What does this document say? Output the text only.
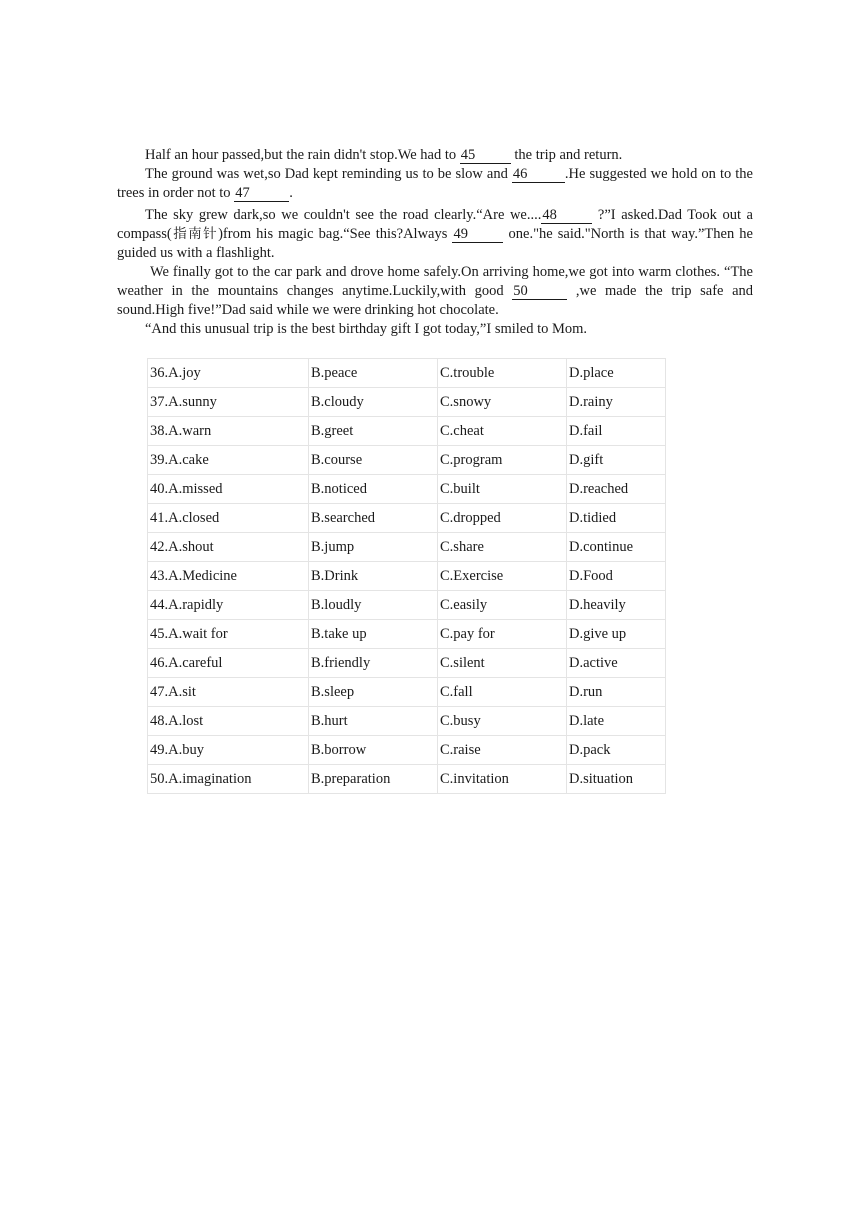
Half an hour passed,but the rain didn't stop.We had to 45 the trip and return.

The ground was wet,so Dad kept reminding us to be slow and 46	.He suggested we hold on to the trees in order not to 47	.

The sky grew dark,so we couldn't see the road clearly.“Are we....48 ?”I asked.Dad Took out a compass(指南针)from his magic bag.“See this?Always 49 one."he said."North is that way.”Then he guided us with a flashlight.

We finally got to the car park and drove home safely.On arriving home,we got into warm clothes. “The weather in the mountains changes anytime.Luckily,with good 50	,we made the trip safe and sound.High five!”Dad said while we were drinking hot chocolate.

“And this unusual trip is the best birthday gift I got today,”I smiled to Mom.

36.A.joy	B.peace	C.trouble	D.place
37.A.sunny	B.cloudy	C.snowy	D.rainy
38.A.warn	B.greet	C.cheat	D.fail
39.A.cake	B.course	C.program	D.gift
40.A.missed	B.noticed	C.built	D.reached
41.A.closed	B.searched	C.dropped	D.tidied
42.A.shout	B.jump	C.share	D.continue
43.A.Medicine	B.Drink	C.Exercise	D.Food
44.A.rapidly	B.loudly	C.easily	D.heavily
45.A.wait for	B.take up	C.pay for	D.give up
46.A.careful	B.friendly	C.silent	D.active
47.A.sit	B.sleep	C.fall	D.run
48.A.lost	B.hurt	C.busy	D.late
49.A.buy	B.borrow	C.raise	D.pack
50.A.imagination	B.preparation	C.invitation	D.situation
